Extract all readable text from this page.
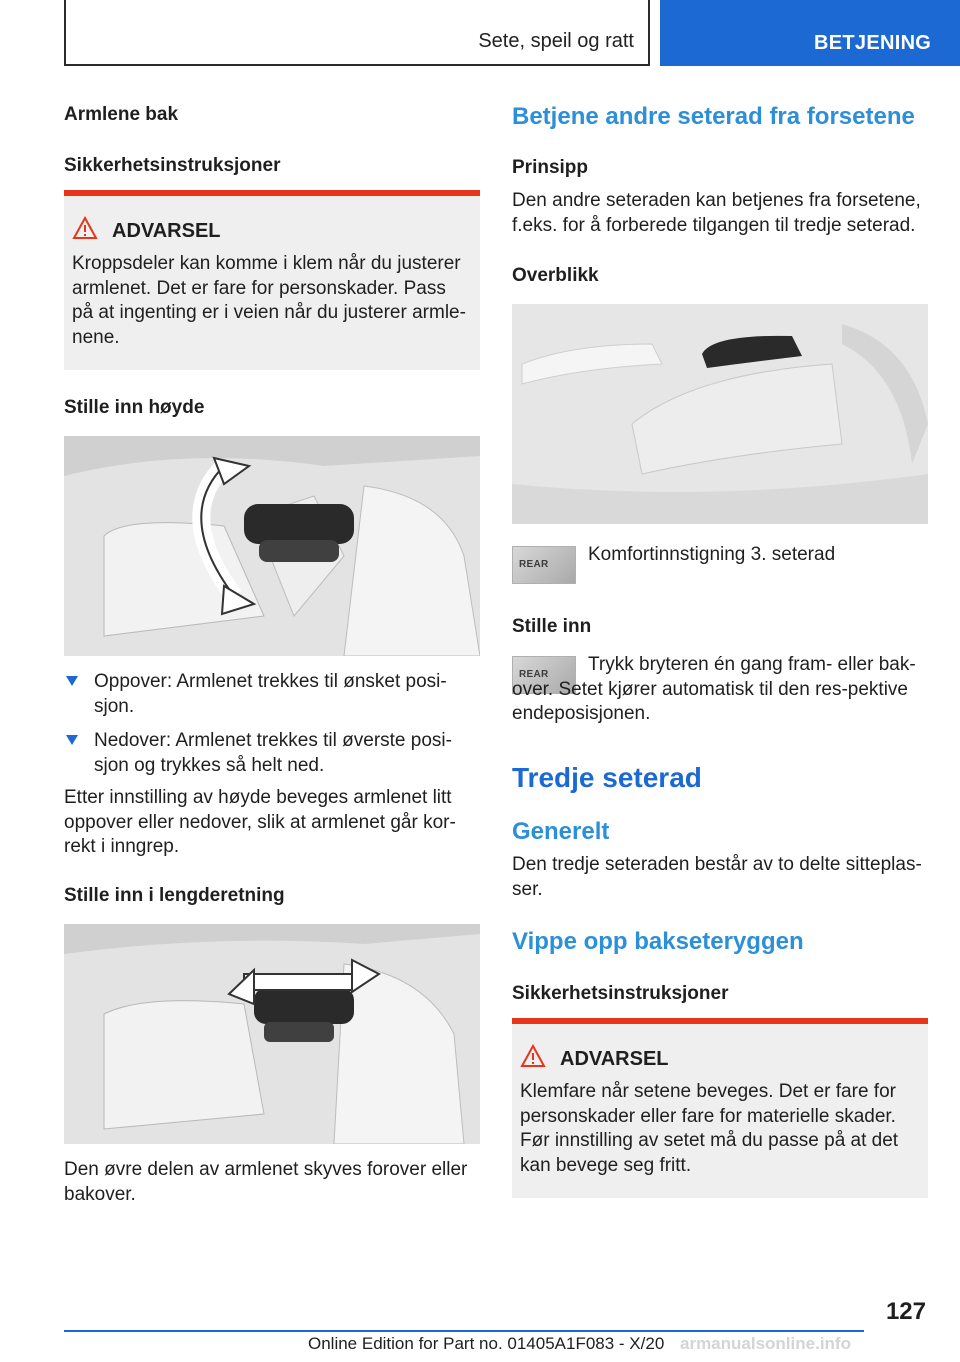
Sete, speil og ratt	BETJENING
Armlene bak
Sikkerhetsinstruksjoner
ADVARSEL
Kroppsdeler kan komme i klem når du justerer armlenet. Det er fare for personskader. Pass på at ingenting er i veien når du justerer armle-nene.
Stille inn høyde
Oppover: Armlenet trekkes til ønsket posi-sjon.
Nedover: Armlenet trekkes til øverste posi-sjon og trykkes så helt ned.
Etter innstilling av høyde beveges armlenet litt oppover eller nedover, slik at armlenet går kor-rekt i inngrep.
Stille inn i lengderetning
Den øvre delen av armlenet skyves forover eller bakover.
Betjene andre seterad fra forsetene
Prinsipp
Den andre seteraden kan betjenes fra forsetene, f.eks. for å forberede tilgangen til tredje seterad.
Overblikk
REAR Komfortinnstigning 3. seterad
Stille inn
REAR	Trykk bryteren én gang fram- eller bak-over. Setet kjører automatisk til den res-pektive endeposisjonen.
Tredje seterad
Generelt
Den tredje seteraden består av to delte sitteplas-ser.
Vippe opp bakseteryggen
Sikkerhetsinstruksjoner
ADVARSEL
Klemfare når setene beveges. Det er fare for personskader eller fare for materielle skader. Før innstilling av setet må du passe på at det kan bevege seg fritt.
127
Online Edition for Part no. 01405A1F083 - X/20 armanualsonline.info
